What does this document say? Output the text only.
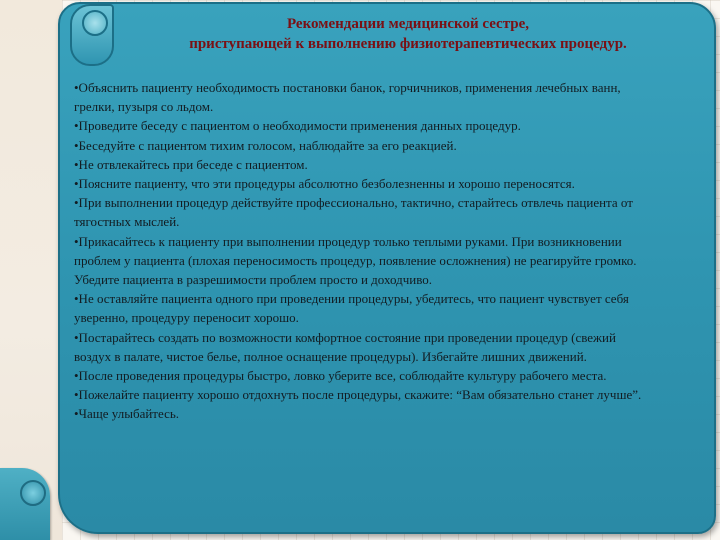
Рекомендации медицинской сестре,
приступающей к выполнению физиотерапевтических процедур.
•Объяснить пациенту необходимость постановки банок, горчичников, применения лечебных ванн, грелки, пузыря со льдом.
•Проведите беседу с пациентом о необходимости применения данных процедур.
•Беседуйте с пациентом тихим голосом, наблюдайте за его реакцией.
•Не отвлекайтесь при беседе с пациентом.
•Поясните пациенту, что эти процедуры абсолютно безболезненны и хорошо переносятся.
•При выполнении процедур действуйте профессионально, тактично, старайтесь отвлечь пациента от тягостных мыслей.
•Прикасайтесь к пациенту при выполнении процедур только теплыми руками. При возникновении проблем у пациента (плохая переносимость процедур, появление осложнения) не реагируйте громко. Убедите пациента в разрешимости проблем просто и доходчиво.
•Не оставляйте пациента одного при проведении процедуры, убедитесь, что пациент чувствует себя уверенно, процедуру переносит хорошо.
•Постарайтесь создать по возможности комфортное состояние при проведении процедур (свежий воздух в палате, чистое белье, полное оснащение процедуры). Избегайте лишних движений.
•После проведения процедуры быстро, ловко уберите все, соблюдайте культуру рабочего места.
•Пожелайте пациенту хорошо отдохнуть после процедуры, скажите: “Вам обязательно станет лучше”.
•Чаще улыбайтесь.
